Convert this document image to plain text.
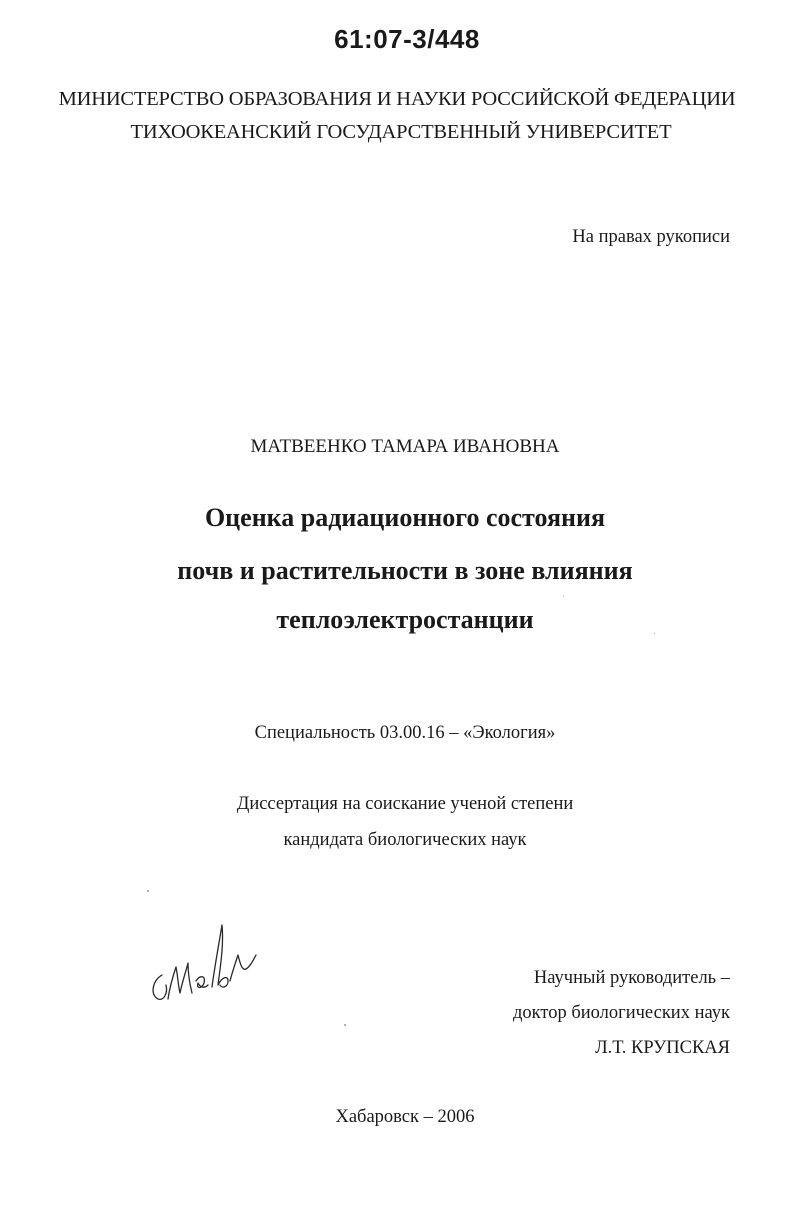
61:07-3/448
МИНИСТЕРСТВО ОБРАЗОВАНИЯ И НАУКИ РОССИЙСКОЙ ФЕДЕРАЦИИ
ТИХООКЕАНСКИЙ ГОСУДАРСТВЕННЫЙ УНИВЕРСИТЕТ
На правах рукописи
МАТВЕЕНКО ТАМАРА ИВАНОВНА
Оценка радиационного состояния
почв и растительности в зоне влияния
теплоэлектростанции
Специальность 03.00.16 – «Экология»
Диссертация на соискание ученой степени
кандидата биологических наук
Научный руководитель –
доктор биологических наук
Л.Т. КРУПСКАЯ
Хабаровск – 2006
